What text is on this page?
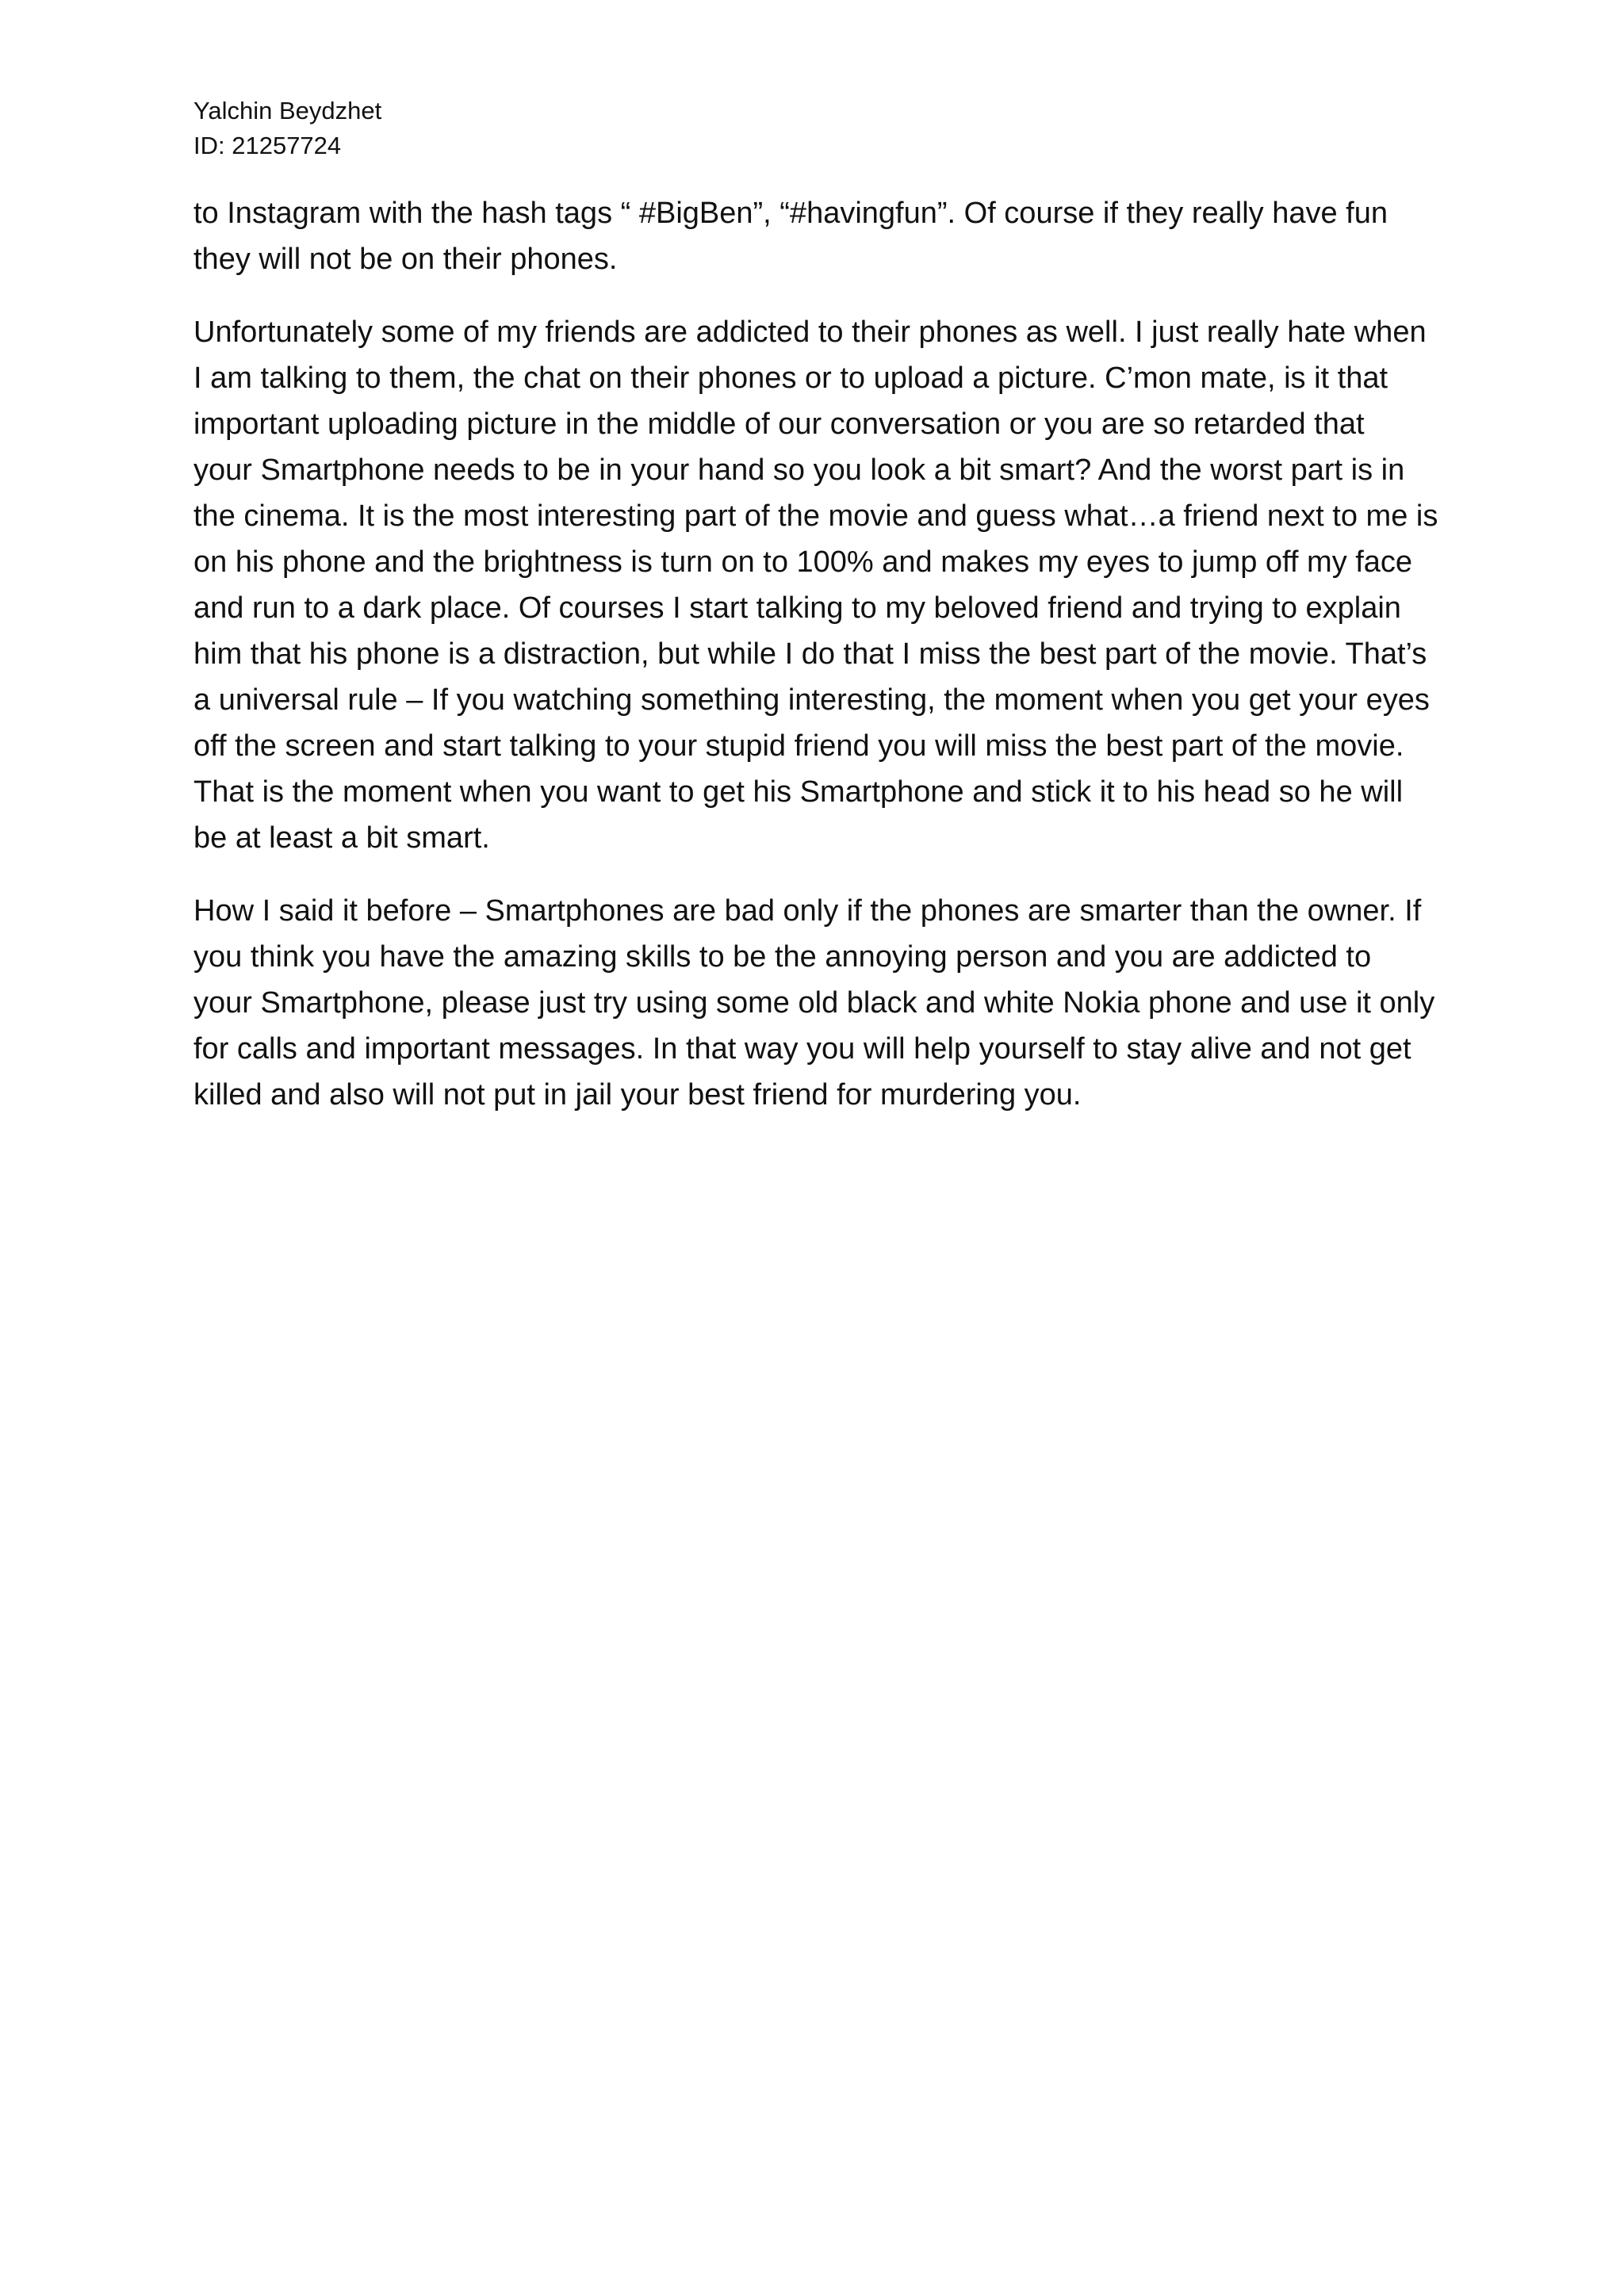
Yalchin Beydzhet
ID: 21257724

to Instagram with the hash tags “ #BigBen”, “#havingfun”. Of course if they really have fun
they will not be on their phones.

Unfortunately some of my friends are addicted to their phones as well. I just really hate when
I am talking to them, the chat on their phones or to upload a picture. C’mon mate, is it that
important uploading picture in the middle of our conversation or you are so retarded that
your Smartphone needs to be in your hand so you look a bit smart? And the worst part is in
the cinema. It is the most interesting part of the movie and guess what…a friend next to me is
on his phone and the brightness is turn on to 100% and makes my eyes to jump off my face
and run to a dark place. Of courses I start talking to my beloved friend and trying to explain
him that his phone is a distraction, but while I do that I miss the best part of the movie. That’s
a universal rule – If you watching something interesting, the moment when you get your eyes
off the screen and start talking to your stupid friend you will miss the best part of the movie.
That is the moment when you want to get his Smartphone and stick it to his head so he will
be at least a bit smart.

How I said it before – Smartphones are bad only if the phones are smarter than the owner. If
you think you have the amazing skills to be the annoying person and you are addicted to
your Smartphone, please just try using some old black and white Nokia phone and use it only
for calls and important messages. In that way you will help yourself to stay alive and not get
killed and also will not put in jail your best friend for murdering you.
